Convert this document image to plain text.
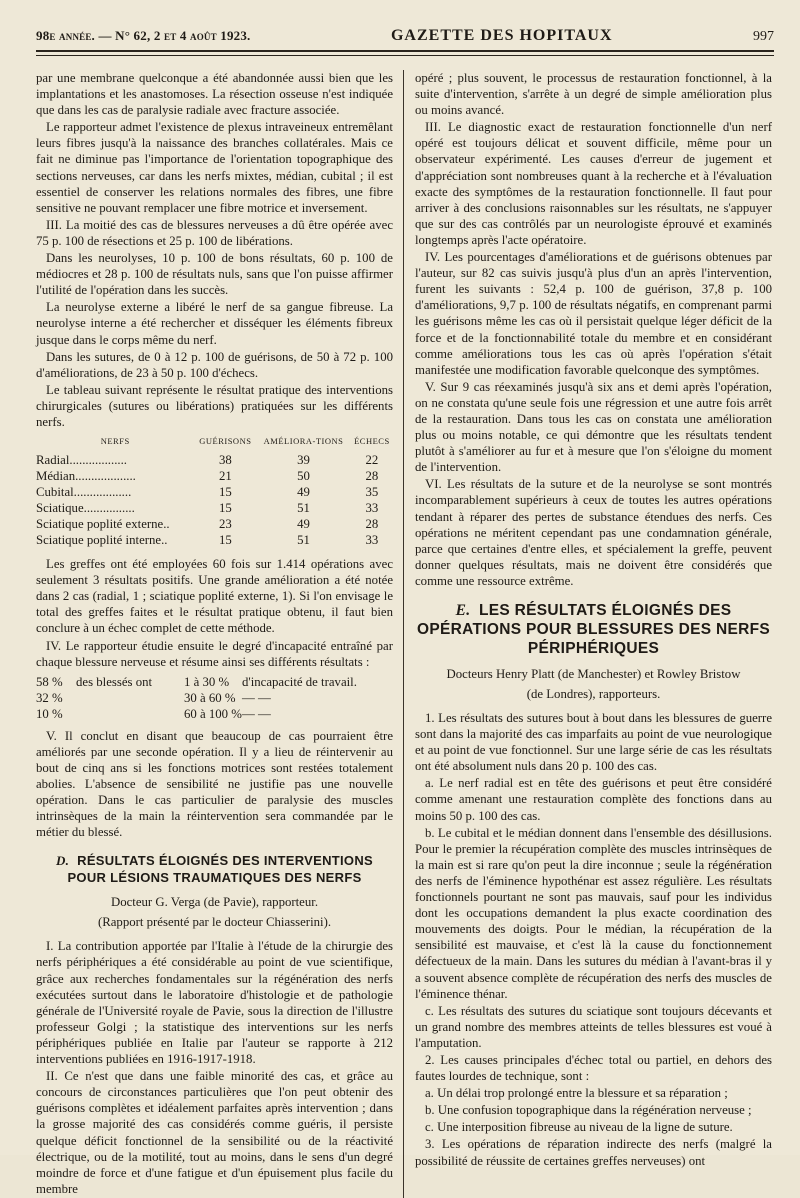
98e année. — N° 62, 2 et 4 août 1923.	GAZETTE DES HOPITAUX	997

par une membrane quelconque a été abandonnée aussi bien que les implantations et les anastomoses. La résection osseuse n'est indiquée que dans les cas de paralysie radiale avec fracture associée.

Le rapporteur admet l'existence de plexus intraveineux entremêlant leurs fibres jusqu'à la naissance des branches collatérales. Mais ce fait ne diminue pas l'importance de l'orientation topographique des sections nerveuses, car dans les nerfs mixtes, médian, cubital ; il est essentiel de conserver les relations normales des fibres, une fibre sensitive ne pouvant remplacer une fibre motrice et inversement.

III. La moitié des cas de blessures nerveuses a dû être opérée avec 75 p. 100 de résections et 25 p. 100 de libérations.

Dans les neurolyses, 10 p. 100 de bons résultats, 60 p. 100 de médiocres et 28 p. 100 de résultats nuls, sans que l'on puisse affirmer l'utilité de l'opération dans les succès.

La neurolyse externe a libéré le nerf de sa gangue fibreuse. La neurolyse interne a été rechercher et disséquer les éléments fibreux jusque dans le corps même du nerf.

Dans les sutures, de 0 à 12 p. 100 de guérisons, de 50 à 72 p. 100 d'améliorations, de 23 à 50 p. 100 d'échecs.

Le tableau suivant représente le résultat pratique des interventions chirurgicales (sutures ou libérations) pratiquées sur les différents nerfs.

NERFS	GUÉRISONS	AMÉLIORA-TIONS	ÉCHECS
Radial..................	38	39	22
Médian...................	21	50	28
Cubital..................	15	49	35
Sciatique................	15	51	33
Sciatique poplité externe..	23	49	28
Sciatique poplité interne..	15	51	33

Les greffes ont été employées 60 fois sur 1.414 opérations avec seulement 3 résultats positifs. Une grande amélioration a été notée dans 2 cas (radial, 1 ; sciatique poplité externe, 1). Si l'on envisage le total des greffes faites et le résultat pratique obtenu, il faut bien conclure à un échec complet de cette méthode.

IV. Le rapporteur étudie ensuite le degré d'incapacité entraîné par chaque blessure nerveuse et résume ainsi ses différents résultats :

58 %	des blessés ont	1 à 30 %	d'incapacité de travail.
32 %	30 à 60 % — —
10 %	60 à 100 % — —

V. Il conclut en disant que beaucoup de cas pourraient être améliorés par une seconde opération. Il y a lieu de réintervenir au bout de cinq ans si les fonctions motrices sont restées totalement abolies. L'absence de sensibilité ne justifie pas une nouvelle opération. Dans le cas particulier de paralysie des muscles intrinsèques de la main la réintervention sera commandée par le métier du blessé.

D. RÉSULTATS ÉLOIGNÉS DES INTERVENTIONS POUR LÉSIONS TRAUMATIQUES DES NERFS
Docteur G. Verga (de Pavie), rapporteur.
(Rapport présenté par le docteur Chiasserini).

I. La contribution apportée par l'Italie à l'étude de la chirurgie des nerfs périphériques a été considérable au point de vue scientifique, grâce aux recherches fondamentales sur la régénération des nerfs exécutées surtout dans le laboratoire d'histologie et de pathologie générale de l'Université royale de Pavie, sous la direction de l'illustre professeur Golgi ; la statistique des interventions sur les nerfs périphériques publiée en Italie par l'auteur se rapporte à 212 interventions publiées en 1916-1917-1918.

II. Ce n'est que dans une faible minorité des cas, et grâce au concours de circonstances particulières que l'on peut obtenir des guérisons complètes et idéalement parfaites après intervention ; dans la grosse majorité des cas considérés comme guéris, il persiste quelque déficit fonctionnel de la sensibilité ou de la réactivité électrique, ou de la motilité, tout au moins, dans le sens d'un degré moindre de force et d'une fatigue et d'un épuisement plus facile du membre

opéré ; plus souvent, le processus de restauration fonctionnel, à la suite d'intervention, s'arrête à un degré de simple amélioration plus ou moins avancé.

III. Le diagnostic exact de restauration fonctionnelle d'un nerf opéré est toujours délicat et souvent difficile, même pour un observateur expérimenté. Les causes d'erreur de jugement et d'appréciation sont nombreuses quant à la recherche et à l'évaluation exacte des symptômes de la restauration fonctionnelle. Il faut pour arriver à des conclusions raisonnables sur les résultats, ne s'appuyer que sur des cas contrôlés par un neurologiste éprouvé et examinés longtemps après l'acte opératoire.

IV. Les pourcentages d'améliorations et de guérisons obtenues par l'auteur, sur 82 cas suivis jusqu'à plus d'un an après l'intervention, furent les suivants : 52,4 p. 100 de guérison, 37,8 p. 100 d'améliorations, 9,7 p. 100 de résultats négatifs, en comprenant parmi les guérisons même les cas où il persistait quelque léger déficit de la force et de la fonctionnabilité totale du membre et en considérant comme améliorations tous les cas où après l'opération s'était manifestée une modification favorable quelconque des symptômes.

V. Sur 9 cas réexaminés jusqu'à six ans et demi après l'opération, on ne constata qu'une seule fois une régression et une autre fois arrêt de la restauration. Dans tous les cas on constata une amélioration plus ou moins notable, ce qui démontre que les résultats tendent plutôt à s'améliorer au fur et à mesure que l'on s'éloigne du moment de l'intervention.

VI. Les résultats de la suture et de la neurolyse se sont montrés incomparablement supérieurs à ceux de toutes les autres opérations tendant à réparer des pertes de substance étendues des nerfs. Ces opérations ne méritent cependant pas une condamnation générale, parce que certaines d'entre elles, et spécialement la greffe, peuvent donner quelques résultats, mais ne doivent être considérés que comme une ressource extrême.

E. LES RÉSULTATS ÉLOIGNÉS DES OPÉRATIONS POUR BLESSURES DES NERFS PÉRIPHÉRIQUES
Docteurs Henry Platt (de Manchester) et Rowley Bristow
(de Londres), rapporteurs.

1. Les résultats des sutures bout à bout dans les blessures de guerre sont dans la majorité des cas imparfaits au point de vue neurologique et au point de vue fonctionnel. Sur une large série de cas les résultats ont été absolument nuls dans 20 p. 100 des cas.

a. Le nerf radial est en tête des guérisons et peut être considéré comme amenant une restauration complète des fonctions dans au moins 50 p. 100 des cas.

b. Le cubital et le médian donnent dans l'ensemble des désillusions. Pour le premier la récupération complète des muscles intrinsèques de la main est si rare qu'on peut la dire inconnue ; seule la régénération des nerfs de l'éminence hypothénar est assez régulière. Les résultats fonctionnels pourtant ne sont pas mauvais, sauf pour les individus dont les occupations demandent la plus exacte coordination des mouvements des doigts. Pour le médian, la récupération de la sensibilité est mauvaise, et c'est là la cause du fonctionnement défectueux de la main. Dans les sutures du médian à l'avant-bras il y a souvent absence complète de récupération des nerfs des muscles de l'éminence thénar.

c. Les résultats des sutures du sciatique sont toujours décevants et un grand nombre des membres atteints de telles blessures est voué à l'amputation.

2. Les causes principales d'échec total ou partiel, en dehors des fautes lourdes de technique, sont :

a. Un délai trop prolongé entre la blessure et sa réparation ;

b. Une confusion topographique dans la régénération nerveuse ;

c. Une interposition fibreuse au niveau de la ligne de suture.

3. Les opérations de réparation indirecte des nerfs (malgré la possibilité de réussite de certaines greffes nerveuses) ont
